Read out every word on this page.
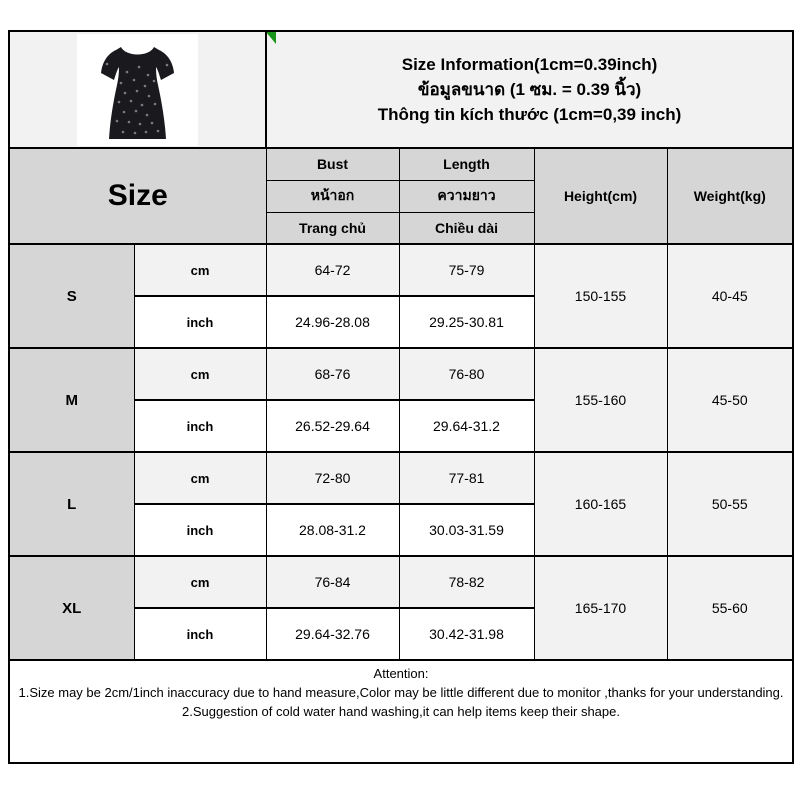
Size Information(1cm=0.39inch)
ข้อมูลขนาด (1 ซม. = 0.39 นิ้ว)
Thông tin kích thước (1cm=0,39 inch)			

Size		Bust	Length	Height(cm)	Weight(kg)
		หน้าอก	ความยาว		
		Trang chủ	Chiều dài		
S	cm	64-72	75-79	150-155	40-45
	inch	24.96-28.08	29.25-30.81		
M	cm	68-76	76-80	155-160	45-50
	inch	26.52-29.64	29.64-31.2		
L	cm	72-80	77-81	160-165	50-55
	inch	28.08-31.2	30.03-31.59		
XL	cm	76-84	78-82	165-170	55-60
	inch	29.64-32.76	30.42-31.98		

Attention:
1.Size may be 2cm/1inch inaccuracy due to hand measure,Color may be little different due to monitor ,thanks for your understanding.
2.Suggestion of cold water hand washing,it can help items keep their shape.					
